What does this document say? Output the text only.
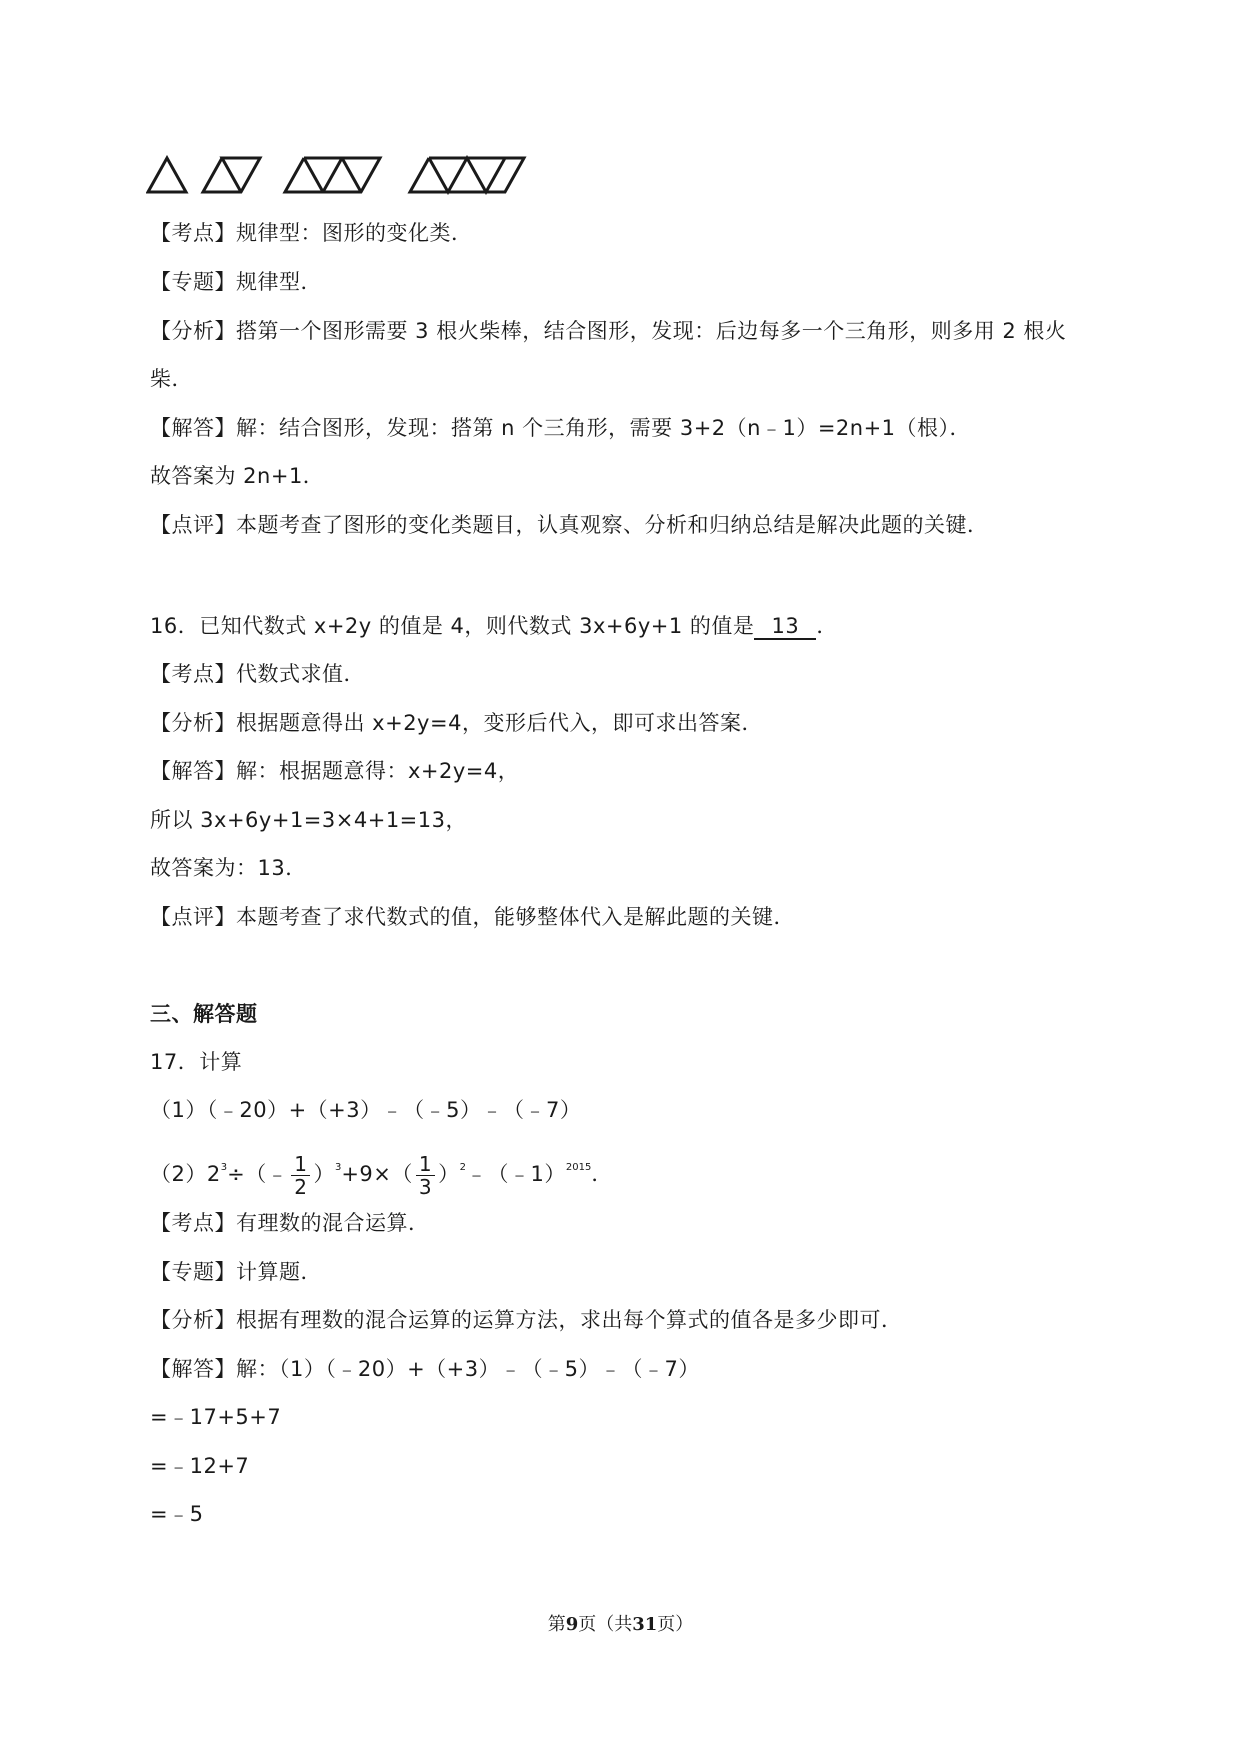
【考点】规律型：图形的变化类．
【专题】规律型．
【分析】搭第一个图形需要 3 根火柴棒，结合图形，发现：后边每多一个三角形，则多用 2 根火
柴．
【解答】解：结合图形，发现：搭第 n 个三角形，需要 3+2（n﹣1）=2n+1（根）．
故答案为 2n+1．
【点评】本题考查了图形的变化类题目，认真观察、分析和归纳总结是解决此题的关键．
16．已知代数式 x+2y 的值是 4，则代数式 3x+6y+1 的值是 13 ．
【考点】代数式求值．
【分析】根据题意得出 x+2y=4，变形后代入，即可求出答案．
【解答】解：根据题意得：x+2y=4，
所以 3x+6y+1=3×4+1=13，
故答案为：13．
【点评】本题考查了求代数式的值，能够整体代入是解此题的关键．
三、解答题
17．计算
（1）（﹣20）+（+3）﹣（﹣5）﹣（﹣7）
$(2)2^3\div(﹣ \frac{1}{2} )^3+9\times( \frac{1}{3}$ ）$^2﹣(﹣1)^{2015}$．
【考点】有理数的混合运算．
【专题】计算题．
【分析】根据有理数的混合运算的运算方法，求出每个算式的值各是多少即可．
【解答】解：（1）（﹣20）+（+3）﹣（﹣5）﹣（﹣7）
=﹣17+5+7
=﹣12+7
=﹣5
第9页（共31页）
